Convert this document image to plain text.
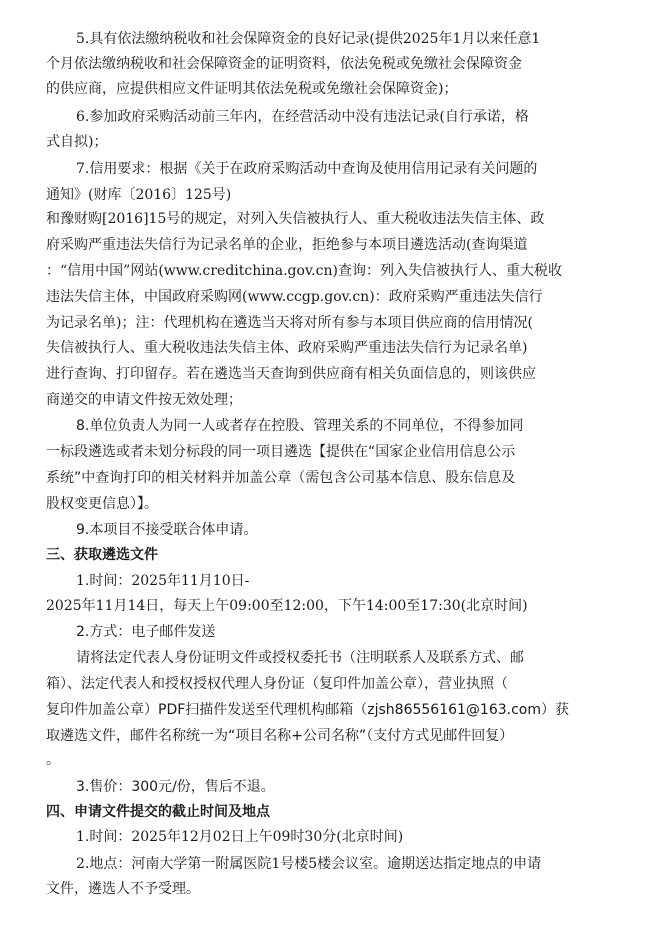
5.具有依法缴纳税收和社会保障资金的良好记录(提供2025年1月以来任意1
个月依法缴纳税收和社会保障资金的证明资料，依法免税或免缴社会保障资金
的供应商，应提供相应文件证明其依法免税或免缴社会保障资金)；
6.参加政府采购活动前三年内，在经营活动中没有违法记录(自行承诺，格
式自拟)；
7.信用要求：根据《关于在政府采购活动中查询及使用信用记录有关问题的
通知》(财库〔2016〕125号)
和豫财购[2016]15号的规定，对列入失信被执行人、重大税收违法失信主体、政
府采购严重违法失信行为记录名单的企业，拒绝参与本项目遴选活动(查询渠道
：“信用中国”网站(www.creditchina.gov.cn)查询：列入失信被执行人、重大税收
违法失信主体，中国政府采购网(www.ccgp.gov.cn)：政府采购严重违法失信行
为记录名单)；注：代理机构在遴选当天将对所有参与本项目供应商的信用情况(
失信被执行人、重大税收违法失信主体、政府采购严重违法失信行为记录名单)
进行查询、打印留存。若在遴选当天查询到供应商有相关负面信息的，则该供应
商递交的申请文件按无效处理；
8.单位负责人为同一人或者存在控股、管理关系的不同单位，不得参加同
一标段遴选或者未划分标段的同一项目遴选【提供在“国家企业信用信息公示
系统”中查询打印的相关材料并加盖公章（需包含公司基本信息、股东信息及
股权变更信息）】。
9.本项目不接受联合体申请。
三、获取遴选文件
1.时间：2025年11月10日-
2025年11月14日，每天上午09:00至12:00，下午14:00至17:30(北京时间)
2.方式：电子邮件发送
请将法定代表人身份证明文件或授权委托书（注明联系人及联系方式、邮
箱）、法定代表人和授权授权代理人身份证（复印件加盖公章），营业执照（
复印件加盖公章）PDF扫描件发送至代理机构邮箱（zjsh86556161@163.com）获
取遴选文件，邮件名称统一为“项目名称+公司名称”（支付方式见邮件回复）
。
3.售价：300元/份，售后不退。
四、申请文件提交的截止时间及地点
1.时间：2025年12月02日上午09时30分(北京时间)
2.地点：河南大学第一附属医院1号楼5楼会议室。逾期送达指定地点的申请
文件，遴选人不予受理。
